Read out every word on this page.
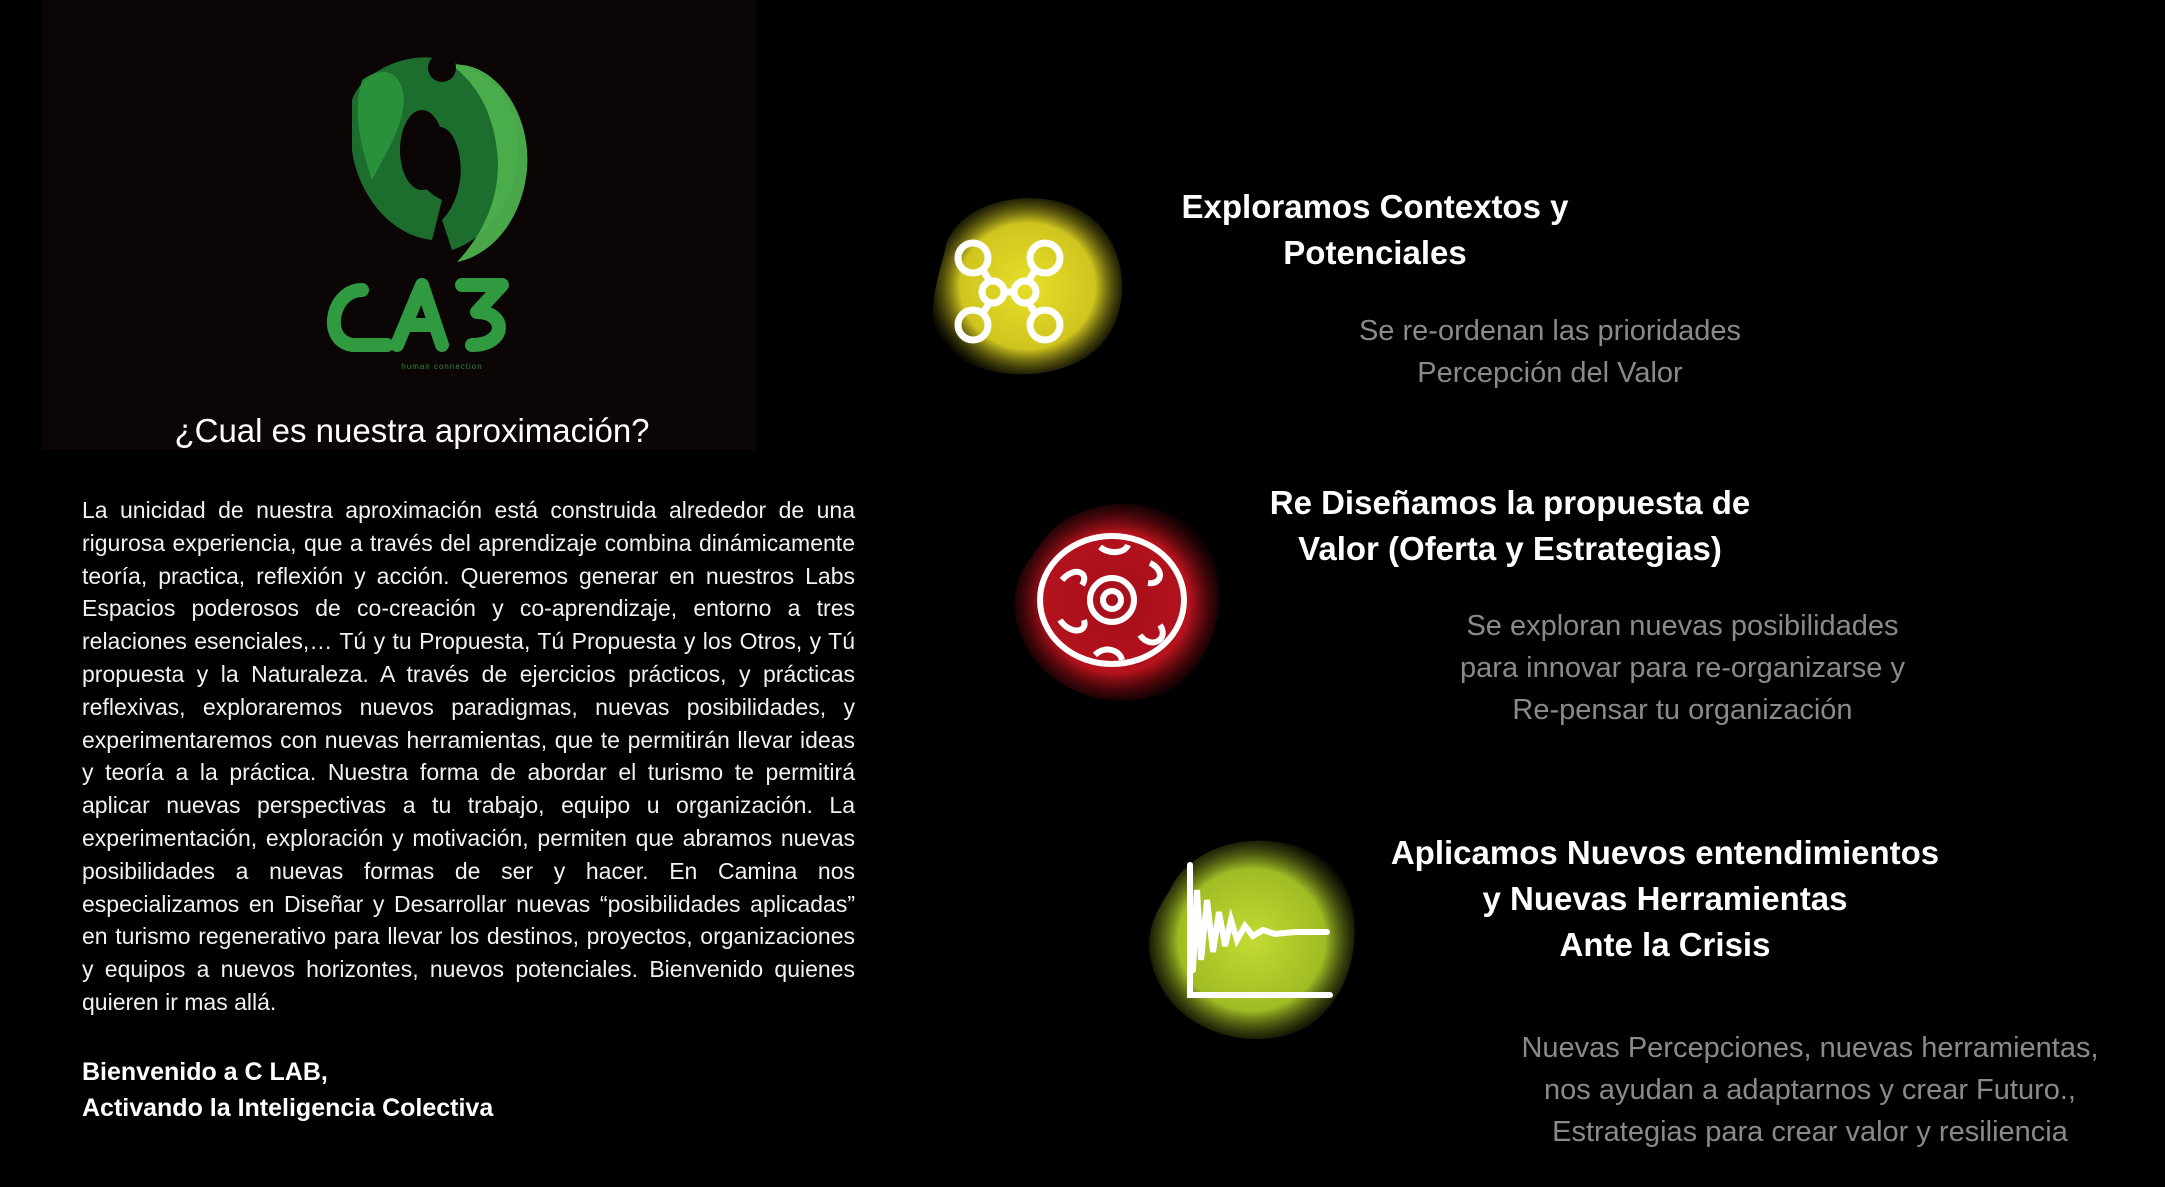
human connection
¿Cual es nuestra aproximación?
La unicidad de nuestra aproximación está construida alrededor de una rigurosa experiencia, que a través del aprendizaje combina dinámicamente teoría, practica, reflexión y acción. Queremos generar en nuestros Labs Espacios poderosos de co-creación y co-aprendizaje, entorno a tres relaciones esenciales,… Tú y tu Propuesta, Tú Propuesta y los Otros, y Tú propuesta y la Naturaleza. A través de ejercicios prácticos, y prácticas reflexivas, exploraremos nuevos paradigmas, nuevas posibilidades, y experimentaremos con nuevas herramientas, que te permitirán llevar ideas y teoría a la práctica. Nuestra forma de abordar el turismo te permitirá aplicar nuevas perspectivas a tu trabajo, equipo u organización. La experimentación, exploración y motivación, permiten que abramos nuevas posibilidades a nuevas formas de ser y hacer. En Camina nos especializamos en Diseñar y Desarrollar nuevas “posibilidades aplicadas” en turismo regenerativo para llevar los destinos, proyectos, organizaciones y equipos a nuevos horizontes, nuevos potenciales. Bienvenido quienes quieren ir mas allá.
Bienvenido a C LAB,
Activando la Inteligencia Colectiva
Exploramos Contextos y
Potenciales
Se re-ordenan las prioridades
Percepción del Valor
Re Diseñamos la propuesta de
Valor (Oferta y Estrategias)
Se exploran nuevas posibilidades
para innovar para re-organizarse y
Re-pensar tu organización
Aplicamos Nuevos entendimientos
y Nuevas Herramientas
Ante la Crisis
Nuevas Percepciones, nuevas herramientas,
nos ayudan a adaptarnos y crear Futuro.,
Estrategias para crear valor y resiliencia
